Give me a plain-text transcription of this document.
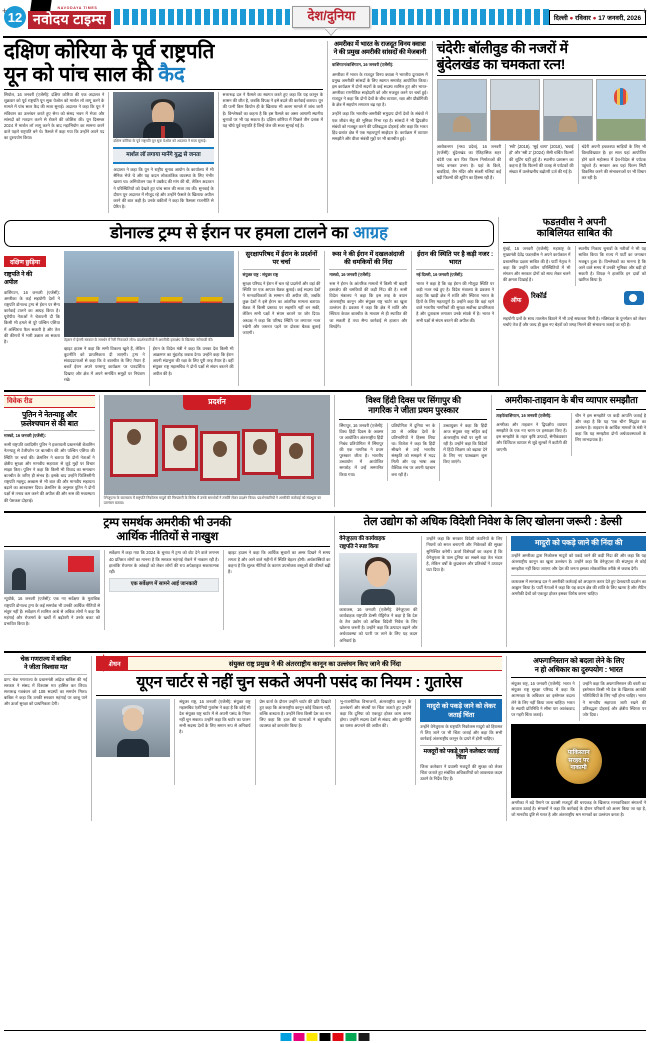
+	+
12
NAVODAYA TIMES
नवोदय टाइम्स	देश/दुनिया	दिल्ली ● रविवार ● 17 जनवरी, 2026
दक्षिण कोरिया के पूर्व राष्ट्रपति
यून को पांच साल की कैद

सियोल, 16 जनवरी (एजेंसी): दक्षिण कोरिया की एक अदालत ने शुक्रवार को पूर्व राष्ट्रपति यून सुक येओल को मार्शल लॉ लागू करने के मामले में पांच साल कैद की सजा सुनाई। अदालत ने कहा कि यून ने संविधान का उल्लंघन करते हुए सेना को संसद भवन में भेजा और सांसदों को मतदान करने से रोकने की कोशिश की। यून दिसम्बर 2024 में मार्शल लॉ लागू करने के बाद महाभियोग का सामना करने वाले पहले राष्ट्रपति बने थे। फैसले में कहा गया कि उन्होंने अपने पद का दुरुपयोग किया।

दक्षिण कोरिया के पूर्व राष्ट्रपति यून सुक येओल को अदालत ने सजा सुनाई।
मार्शल लॉ लगाया मानेंगे युद्ध से जनता

अदालत ने कहा कि यून ने राष्ट्रीय चुनाव आयोग के कार्यालय में भी सैनिक भेजे थे और यह कदम लोकतांत्रिक व्यवस्था के लिए गंभीर खतरा था। अभियोजन पक्ष ने उम्रकैद की मांग की थी, लेकिन अदालत ने परिस्थितियों को देखते हुए पांच साल की सजा तय की। सुनवाई के दौरान यून अदालत में मौजूद रहे और उन्होंने फैसले के खिलाफ अपील करने की बात कही है। उनके वकीलों ने कहा कि फैसला राजनीति से प्रेरित है।

सत्तारूढ़ दल ने फैसले का स्वागत करते हुए कहा कि यह कानून के शासन की जीत है, जबकि विपक्ष ने इसे बदले की कार्रवाई बताया। यून की पत्नी किम कियोन ही के खिलाफ भी अलग मामले में जांच जारी है। विश्लेषकों का कहना है कि इस फैसले का असर आगामी स्थानीय चुनावों पर भी पड़ सकता है। दक्षिण कोरिया में पिछले तीन दशक में यह चौथे पूर्व राष्ट्रपति हैं जिन्हें जेल की सजा सुनाई गई है।

अमरीका में भारत के राजदूत विनय क्वात्रा ने की प्रमुख अमरीकी सांसदों की मेजबानी

वाशिंगटन/वाशिंगटन, 16 जनवरी (एजेंसी):

अमरीका में भारत के राजदूत विनय क्वात्रा ने भारतीय दूतावास में प्रमुख अमरीकी सांसदों के लिए स्वागत समारोह आयोजित किया। इस कार्यक्रम में दोनों सदनों के कई सदस्य शामिल हुए और भारत-अमरीका रणनीतिक साझेदारी को और मजबूत करने पर चर्चा हुई। राजदूत ने कहा कि दोनों देशों के बीच व्यापार, रक्षा और प्रौद्योगिकी के क्षेत्र में सहयोग लगातार बढ़ रहा है।

उन्होंने कहा कि भारतीय-अमरीकी समुदाय दोनों देशों के संबंधों में एक जीवंत सेतु की भूमिका निभा रहा है। सांसदों ने भी द्विपक्षीय संबंधों को मजबूत करने की प्रतिबद्धता दोहराई और कहा कि भारत हिंद-प्रशांत क्षेत्र में एक महत्वपूर्ण साझेदार है। कार्यक्रम में व्यापार समझौते और वीजा संबंधी मुद्दों पर भी बातचीत हुई।

चंदेरीः बॉलीवुड की नजरों में
बुंदेलखंड का चमकता रत्न!

अशोकनगर (मध्य प्रदेश), 16 जनवरी (एजेंसी): बुंदेलखंड का ऐतिहासिक शहर चंदेरी एक बार फिर फिल्म निर्माताओं की पसंद बनकर उभरा है। यहां के किले, बावड़ियां, जैन मंदिर और संकरी गलियां कई बड़ी फिल्मों की शूटिंग का हिस्सा रही हैं।

'स्त्री' (2018), 'सुई धागा' (2018), 'बधाई हो' और 'स्त्री 2' (2024) जैसी चर्चित फिल्मों की शूटिंग यहीं हुई है। स्थानीय प्रशासन का कहना है कि फिल्मों की वजह से पर्यटकों की संख्या में उल्लेखनीय बढ़ोतरी दर्ज की गई है।

चंदेरी अपनी हथकरघा साड़ियों के लिए भी विश्वविख्यात है। हर साल यहां आयोजित होने वाले महोत्सव में देश-विदेश से पर्यटक पहुंचते हैं। सरकार अब यहां फिल्म सिटी विकसित करने की संभावनाओं पर भी विचार कर रही है।

डोनाल्ड ट्रम्प से ईरान पर हमला टालने का आग्रह
दक्षिण छुड़िया
राष्ट्रपति ने की
अपील

वाशिंगटन, 16 जनवरी (एजेंसी): अमरीका के कई सहयोगी देशों ने राष्ट्रपति डोनाल्ड ट्रम्प से ईरान पर सैन्य कार्रवाई टालने का आग्रह किया है। यूरोपीय नेताओं ने चेतावनी दी कि किसी भी हमले से पूरे पश्चिम एशिया में अस्थिरता फैल सकती है और तेल की कीमतों में भारी उछाल आ सकता है।	तेहरान में ईरानी सरकार के समर्थन में रैली निकालते लोग। प्रदर्शनकारियों ने अमरीकी हस्तक्षेप के खिलाफ नारेबाजी की।

व्हाइट हाउस ने कहा कि सभी विकल्प खुले हैं, लेकिन कूटनीति को प्राथमिकता दी जाएगी। ट्रम्प ने संवाददाताओं से कहा कि वे बातचीत के लिए तैयार हैं बशर्ते ईरान अपने परमाणु कार्यक्रम पर पारदर्शिता दिखाए और क्षेत्र में अपने समर्थित समूहों पर नियंत्रण रखे।

ईरान के विदेश मंत्री ने कहा कि उनका देश किसी भी आक्रमण का मुंहतोड़ जवाब देगा। उन्होंने कहा कि ईरान अपनी संप्रभुता की रक्षा के लिए पूरी तरह तैयार है। वहीं संयुक्त राष्ट्र महासचिव ने दोनों पक्षों से संयम बरतने की अपील की है।

सुरक्षापरिषद में ईरान के प्रदर्शनों पर चर्चा

संयुक्त राष्ट्र : संयुक्त राष्ट्र

सुरक्षा परिषद ने ईरान में चल रहे प्रदर्शनों और वहां की स्थिति पर एक आपात बैठक बुलाई। कई सदस्य देशों ने मानवाधिकारों के सम्मान की अपील की, जबकि कुछ देशों ने इसे ईरान का आंतरिक मामला बताया। बैठक में किसी प्रस्ताव पर सहमति नहीं बन सकी, लेकिन सभी पक्षों ने संयम बरतने पर जोर दिया। अध्यक्ष ने कहा कि परिषद स्थिति पर लगातार नजर रखेगी और जरूरत पड़ने पर दोबारा बैठक बुलाई जाएगी।

रूस ने की ईरान में दखलअंदाजी की धमकियों की निंदा

मास्को, 16 जनवरी (एजेंसी):

रूस ने ईरान के आंतरिक मामलों में किसी भी बाहरी हस्तक्षेप की धमकियों की कड़ी निंदा की है। रूसी विदेश मंत्रालय ने कहा कि इस तरह के बयान अंतरराष्ट्रीय कानून और संयुक्त राष्ट्र चार्टर का खुला उल्लंघन हैं। प्रवक्ता ने कहा कि क्षेत्र में शांति और स्थिरता केवल बातचीत के माध्यम से ही स्थापित की जा सकती है तथा सैन्य कार्रवाई से हालात और बिगड़ेंगे।

ईरान की स्थिति पर है कड़ी नजर : भारत

नई दिल्ली, 16 जनवरी (एजेंसी):

भारत ने कहा है कि वह ईरान की मौजूदा स्थिति पर कड़ी नजर रखे हुए है। विदेश मंत्रालय के प्रवक्ता ने कहा कि खाड़ी क्षेत्र में शांति और स्थिरता भारत के हितों के लिए महत्वपूर्ण है। उन्होंने कहा कि वहां रहने वाले भारतीय नागरिकों की सुरक्षा सर्वोच्च प्राथमिकता है और दूतावास लगातार उनके संपर्क में है। भारत ने सभी पक्षों से संयम बरतने की अपील की।

फडऩवीस ने अपनी
काबिलियत साबित की

मुंबई, 16 जनवरी (एजेंसी): महाराष्ट्र के मुख्यमंत्री देवेंद्र फडऩवीस ने अपने कार्यकाल में प्रशासनिक दक्षता साबित की है। पार्टी नेतृत्व ने कहा कि उन्होंने कठिन परिस्थितियों में भी संगठन और सरकार दोनों को साथ लेकर चलने की क्षमता दिखाई है।

स्थानीय निकाय चुनावों के नतीजों ने भी यह साबित किया कि राज्य में पार्टी का जनाधार मजबूत हुआ है। विश्लेषकों का मानना है कि आने वाले समय में उनकी भूमिका और बड़ी हो सकती है। विपक्ष ने हालांकि इन दावों को खारिज किया है।

ऑफ
रिकॉर्ड

सहयोगी दलों के साथ तालमेल बिठाने में भी उन्हें सफलता मिली है। मंत्रिमंडल के पुनर्गठन को लेकर चर्चाएं तेज हैं और जल्द ही कुछ नए चेहरों को जगह मिलने की संभावना जताई जा रही है।

विवेक रीड
पुतिन ने नेतन्याहू और
फ़लेश्चघान से की बात

मास्को, 16 जनवरी (एजेंसी):

रूसी राष्ट्रपति व्लादिमीर पुतिन ने इजरायली प्रधानमंत्री बेंजामिन नेतन्याहू से टेलीफोन पर बातचीत की और पश्चिम एशिया की स्थिति पर चर्चा की। क्रेमलिन ने बताया कि दोनों नेताओं ने क्षेत्रीय सुरक्षा और मानवीय सहायता से जुड़े मुद्दों पर विचार साझा किए। पुतिन ने कहा कि किसी भी विवाद का समाधान बातचीत के जरिए ही संभव है। इसके बाद उन्होंने फिलिस्तीनी राष्ट्रपति महमूद अब्बास से भी बात की और मानवीय सहायता बढ़ाने का आश्वासन दिया। क्रेमलिन के अनुसार पुतिन ने दोनों पक्षों से तनाव कम करने की अपील की और रूस की मध्यस्थता की पेशकश दोहराई।

प्रदर्शन
वेनेजुएला के काराकस में राष्ट्रपति निकोलस मादुरो की गिरफ्तारी के विरोध में उनके समर्थकों ने तस्वीरें लेकर प्रदर्शन किया। प्रदर्शनकारियों ने अमरीकी कार्रवाई को संप्रभुता का उल्लंघन बताया।
विश्व हिंदी दिवस पर सिंगापुर की
नागरिक ने जीता प्रथम पुरस्कार

सिंगापुर, 16 जनवरी (एजेंसी): विश्व हिंदी दिवस के अवसर पर आयोजित अंतरराष्ट्रीय हिंदी निबंध प्रतियोगिता में सिंगापुर की एक नागरिक ने प्रथम पुरस्कार जीता है। भारतीय उच्चायोग में आयोजित समारोह में उन्हें सम्मानित किया गया।

प्रतियोगिता में दुनिया भर के 30 से अधिक देशों के प्रतिभागियों ने हिस्सा लिया था। विजेता ने कहा कि हिंदी सीखने से उन्हें भारतीय संस्कृति को समझने में मदद मिली और यह भाषा अब वैश्विक मंच पर अपनी पहचान बना रही है।

उच्चायुक्त ने कहा कि हिंदी आज संयुक्त राष्ट्र सहित कई अंतरराष्ट्रीय मंचों पर सुनी जा रही है। उन्होंने कहा कि विदेशों में हिंदी शिक्षण को बढ़ावा देने के लिए नए पाठ्यक्रम शुरू किए जाएंगे।

अमरीका-ताइवान के बीच व्यापार समझौता

ताइपे/वाशिंगटन, 16 जनवरी (एजेंसी):

अमरीका और ताइवान ने द्विपक्षीय व्यापार समझौते के एक नए चरण पर हस्ताक्षर किए हैं। इस समझौते के तहत कृषि उत्पादों, सेमीकंडक्टर और डिजिटल व्यापार से जुड़े शुल्कों में कटौती की जाएगी।

चीन ने इस समझौते पर कड़ी आपत्ति जताई है और कहा है कि यह 'एक चीन' सिद्धांत का उल्लंघन है। ताइवान के आर्थिक मामलों के मंत्री ने कहा कि यह समझौता दोनों अर्थव्यवस्थाओं के लिए लाभदायक है।

ट्रम्प समर्थक अमरीकी भी उनकी
आर्थिक नीतियों से नाखुश

न्यूयॉर्क, 16 जनवरी (एजेंसी): एक नए सर्वेक्षण के मुताबिक राष्ट्रपति डोनाल्ड ट्रम्प के कई समर्थक भी उनकी आर्थिक नीतियों से संतुष्ट नहीं हैं। सर्वेक्षण में शामिल आधे से अधिक लोगों ने कहा कि महंगाई और रोजमर्रा के खर्चों में बढ़ोतरी ने उनके बजट को प्रभावित किया है।

सर्वेक्षण में कहा गया कि 2024 के चुनाव में ट्रम्प को वोट देने वाले लगभग 40 प्रतिशत लोगों का मानना है कि सरकार महंगाई रोकने में नाकाम रही है। हालांकि रोजगार के आंकड़ों को लेकर लोगों की राय अपेक्षाकृत सकारात्मक रही।

एक सर्वेक्षण में सामने आई जानकारी

व्हाइट हाउस ने कहा कि आर्थिक सुधारों का असर दिखने में समय लगता है और आने वाले महीनों में स्थिति बेहतर होगी। अर्थशास्त्रियों का कहना है कि शुल्क नीतियों के कारण उपभोक्ता वस्तुओं की कीमतें बढ़ी हैं।

तेल उद्योग को अधिक विदेशी निवेश के लिए खोलना जरूरी : डेल्सी
वेनेजुएला की कार्यवाहक
राष्ट्रपति ने स्पष्ट किया

काराकस, 16 जनवरी (एजेंसी): वेनेजुएला की कार्यवाहक राष्ट्रपति डेल्सी रोड्रिगेज ने कहा है कि देश के तेल उद्योग को अधिक विदेशी निवेश के लिए खोलना जरूरी है। उन्होंने कहा कि उत्पादन बढ़ाने और अर्थव्यवस्था को पटरी पर लाने के लिए यह कदम अनिवार्य है।

उन्होंने कहा कि सरकार विदेशी कंपनियों के लिए नियमों को सरल बनाएगी और निवेशकों की सुरक्षा सुनिश्चित करेगी। ऊर्जा विशेषज्ञों का कहना है कि वेनेजुएला के पास दुनिया का सबसे बड़ा तेल भंडार है, लेकिन वर्षों के कुप्रबंधन और प्रतिबंधों ने उत्पादन घटा दिया है।

मादुरो को पकड़े जाने की निंदा की

उन्होंने अमरीका द्वारा निकोलस मादुरो को पकड़े जाने की कड़ी निंदा की और कहा कि यह अंतरराष्ट्रीय कानून का खुला उल्लंघन है। उन्होंने कहा कि वेनेजुएला की संप्रभुता से कोई समझौता नहीं किया जाएगा और देश की जनता इसका लोकतांत्रिक तरीके से जवाब देगी।

काराकस में सत्तारूढ़ दल ने अमरीकी कार्रवाई को अपहरण करार देते हुए देशव्यापी प्रदर्शन का आह्वान किया है। पार्टी नेताओं ने कहा कि यह कदम क्षेत्र की शांति के लिए खतरा है और लैटिन अमरीकी देशों को एकजुट होकर इसका विरोध करना चाहिए।

चेक गणराज्य में बाबिश
ने जीता विश्वास मत

प्राग: चेक गणराज्य के प्रधानमंत्री आंद्रेज बाबिश की नई सरकार ने संसद में विश्वास मत हासिल कर लिया। सत्तारूढ़ गठबंधन को 108 सदस्यों का समर्थन मिला। बाबिश ने कहा कि उनकी सरकार महंगाई पर काबू पाने और ऊर्जा सुरक्षा को प्राथमिकता देगी।

संबोधन	संयुक्त राष्ट्र प्रमुख ने की अंतरराष्ट्रीय कानून का उल्लंघन किए जाने की निंदा
यूएन चार्टर से नहीं चुन सकते अपनी पसंद का नियम : गुतारेस

संयुक्त राष्ट्र, 16 जनवरी (एजेंसी): संयुक्त राष्ट्र महासचिव एंतोनियो गुतारेस ने कहा है कि कोई भी देश संयुक्त राष्ट्र चार्टर में से अपनी पसंद के नियम नहीं चुन सकता। उन्होंने कहा कि चार्टर का पालन सभी सदस्य देशों के लिए समान रूप से अनिवार्य है।

प्रेस वार्ता के दौरान उन्होंने चार्टर की प्रति दिखाते हुए कहा कि अंतरराष्ट्रीय कानून कोई विकल्प नहीं, बल्कि बाध्यता है। उन्होंने बिना किसी देश का नाम लिए कहा कि हाल की घटनाओं ने बहुपक्षीय व्यवस्था को कमजोर किया है।

भू-राजनीतिक विभाजनों, अंतरराष्ट्रीय कानून के उल्लंघनों और संघर्षों पर चिंता जताते हुए उन्होंने कहा कि दुनिया को एकजुट होकर काम करना होगा। उन्होंने सदस्य देशों से संवाद और कूटनीति का रास्ता अपनाने की अपील की।

मादुरो को पकड़े जाने को लेकर जताई चिंता

उन्होंने वेनेजुएला के राष्ट्रपति निकोलस मादुरो को हिरासत में लिए जाने पर भी चिंता जताई और कहा कि सभी कार्रवाई अंतरराष्ट्रीय कानून के दायरे में होनी चाहिए।

मजदूरों को पकड़े जाने कलेक्टर जताई चिंता

जिला कलेक्टर ने प्रवासी मजदूरों की सुरक्षा को लेकर चिंता जताते हुए संबंधित अधिकारियों को आवश्यक कदम उठाने के निर्देश दिए हैं।

अफगानिस्तान को बदला लेने के लिए
न हो अधिकार का दुरुपयोग : भारत

संयुक्त राष्ट्र, 16 जनवरी (एजेंसी): भारत ने संयुक्त राष्ट्र सुरक्षा परिषद में कहा कि आत्मरक्षा के अधिकार का इस्तेमाल बदला लेने के लिए नहीं किया जाना चाहिए। भारत के स्थायी प्रतिनिधि ने सीमा पार आतंकवाद पर गहरी चिंता जताई।

उन्होंने कहा कि अफगानिस्तान की धरती का इस्तेमाल किसी भी देश के खिलाफ आतंकी गतिविधियों के लिए नहीं होना चाहिए। भारत ने मानवीय सहायता जारी रखने की प्रतिबद्धता दोहराई और क्षेत्रीय स्थिरता पर जोर दिया।

पाकिस्तान
सरहद पर
नाकामी

अमरीका में बड़े पैमाने पर प्रवासी मजदूरों की धरपकड़ के खिलाफ मानवाधिकार संगठनों ने आवाज उठाई है। संगठनों ने कहा कि कार्रवाई के दौरान परिवारों को अलग किया जा रहा है, जो मानवीय दृष्टि से गलत है और अंतरराष्ट्रीय श्रम मानकों का उल्लंघन करता है।
